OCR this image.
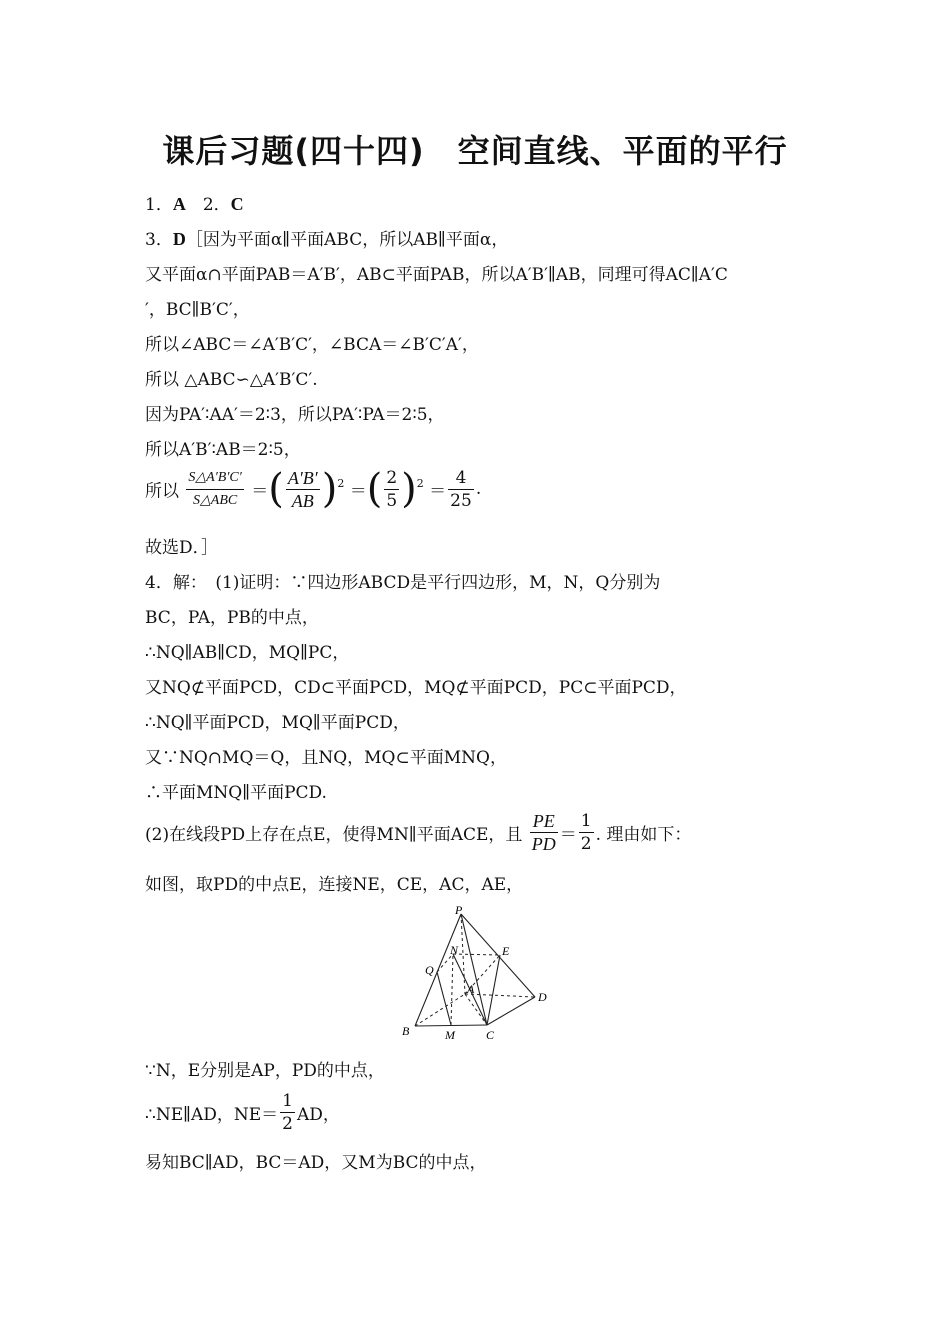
课后习题(四十四)　空间直线、平面的平行
1．A　2．C
3．D［因为平面α∥平面ABC，所以AB∥平面α，
又平面α∩平面PAB＝A′B′，AB⊂平面PAB，所以A′B′∥AB，同理可得AC∥A′C
′，BC∥B′C′，
所以∠ABC＝∠A′B′C′，∠BCA＝∠B′C′A′，
所以 △ABC∽△A′B′C′.
因为PA′∶AA′＝2∶3，所以PA′∶PA＝2∶5，
所以A′B′∶AB＝2∶5，
所以 $\frac{S\triangle A'B'C'}{\text{S△ABC}}$ ＝( $\frac{A'B'}{AB} )^2$ ＝( $\frac{2}{5} )^2 = \frac{4}{25}$ .
故选D．］
4．解：　(1)证明：∵四边形ABCD是平行四边形，M，N，Q分别为
BC，PA，PB的中点，
∴NQ∥AB∥CD，MQ∥PC，
又NQ⊄平面PCD，CD⊂平面PCD，MQ⊄平面PCD，PC⊂平面PCD，
∴NQ∥平面PCD，MQ∥平面PCD，
又∵NQ∩MQ＝Q，且NQ，MQ⊂平面MNQ，
∴平面MNQ∥平面PCD.
(2)在线段PD上存在点E，使得MN∥平面ACE，且 $\frac{PE}{PD} = \frac{1}{2}$ . 理由如下：
如图，取PD的中点E，连接NE，CE，AC，AE，
P
N	E
Q
A
D
B	M	C
∵N，E分别是AP，PD的中点，
∴NE∥AD，$NE= \frac{1}{2}$ AD，
易知BC∥AD，BC＝AD，又M为BC的中点，
